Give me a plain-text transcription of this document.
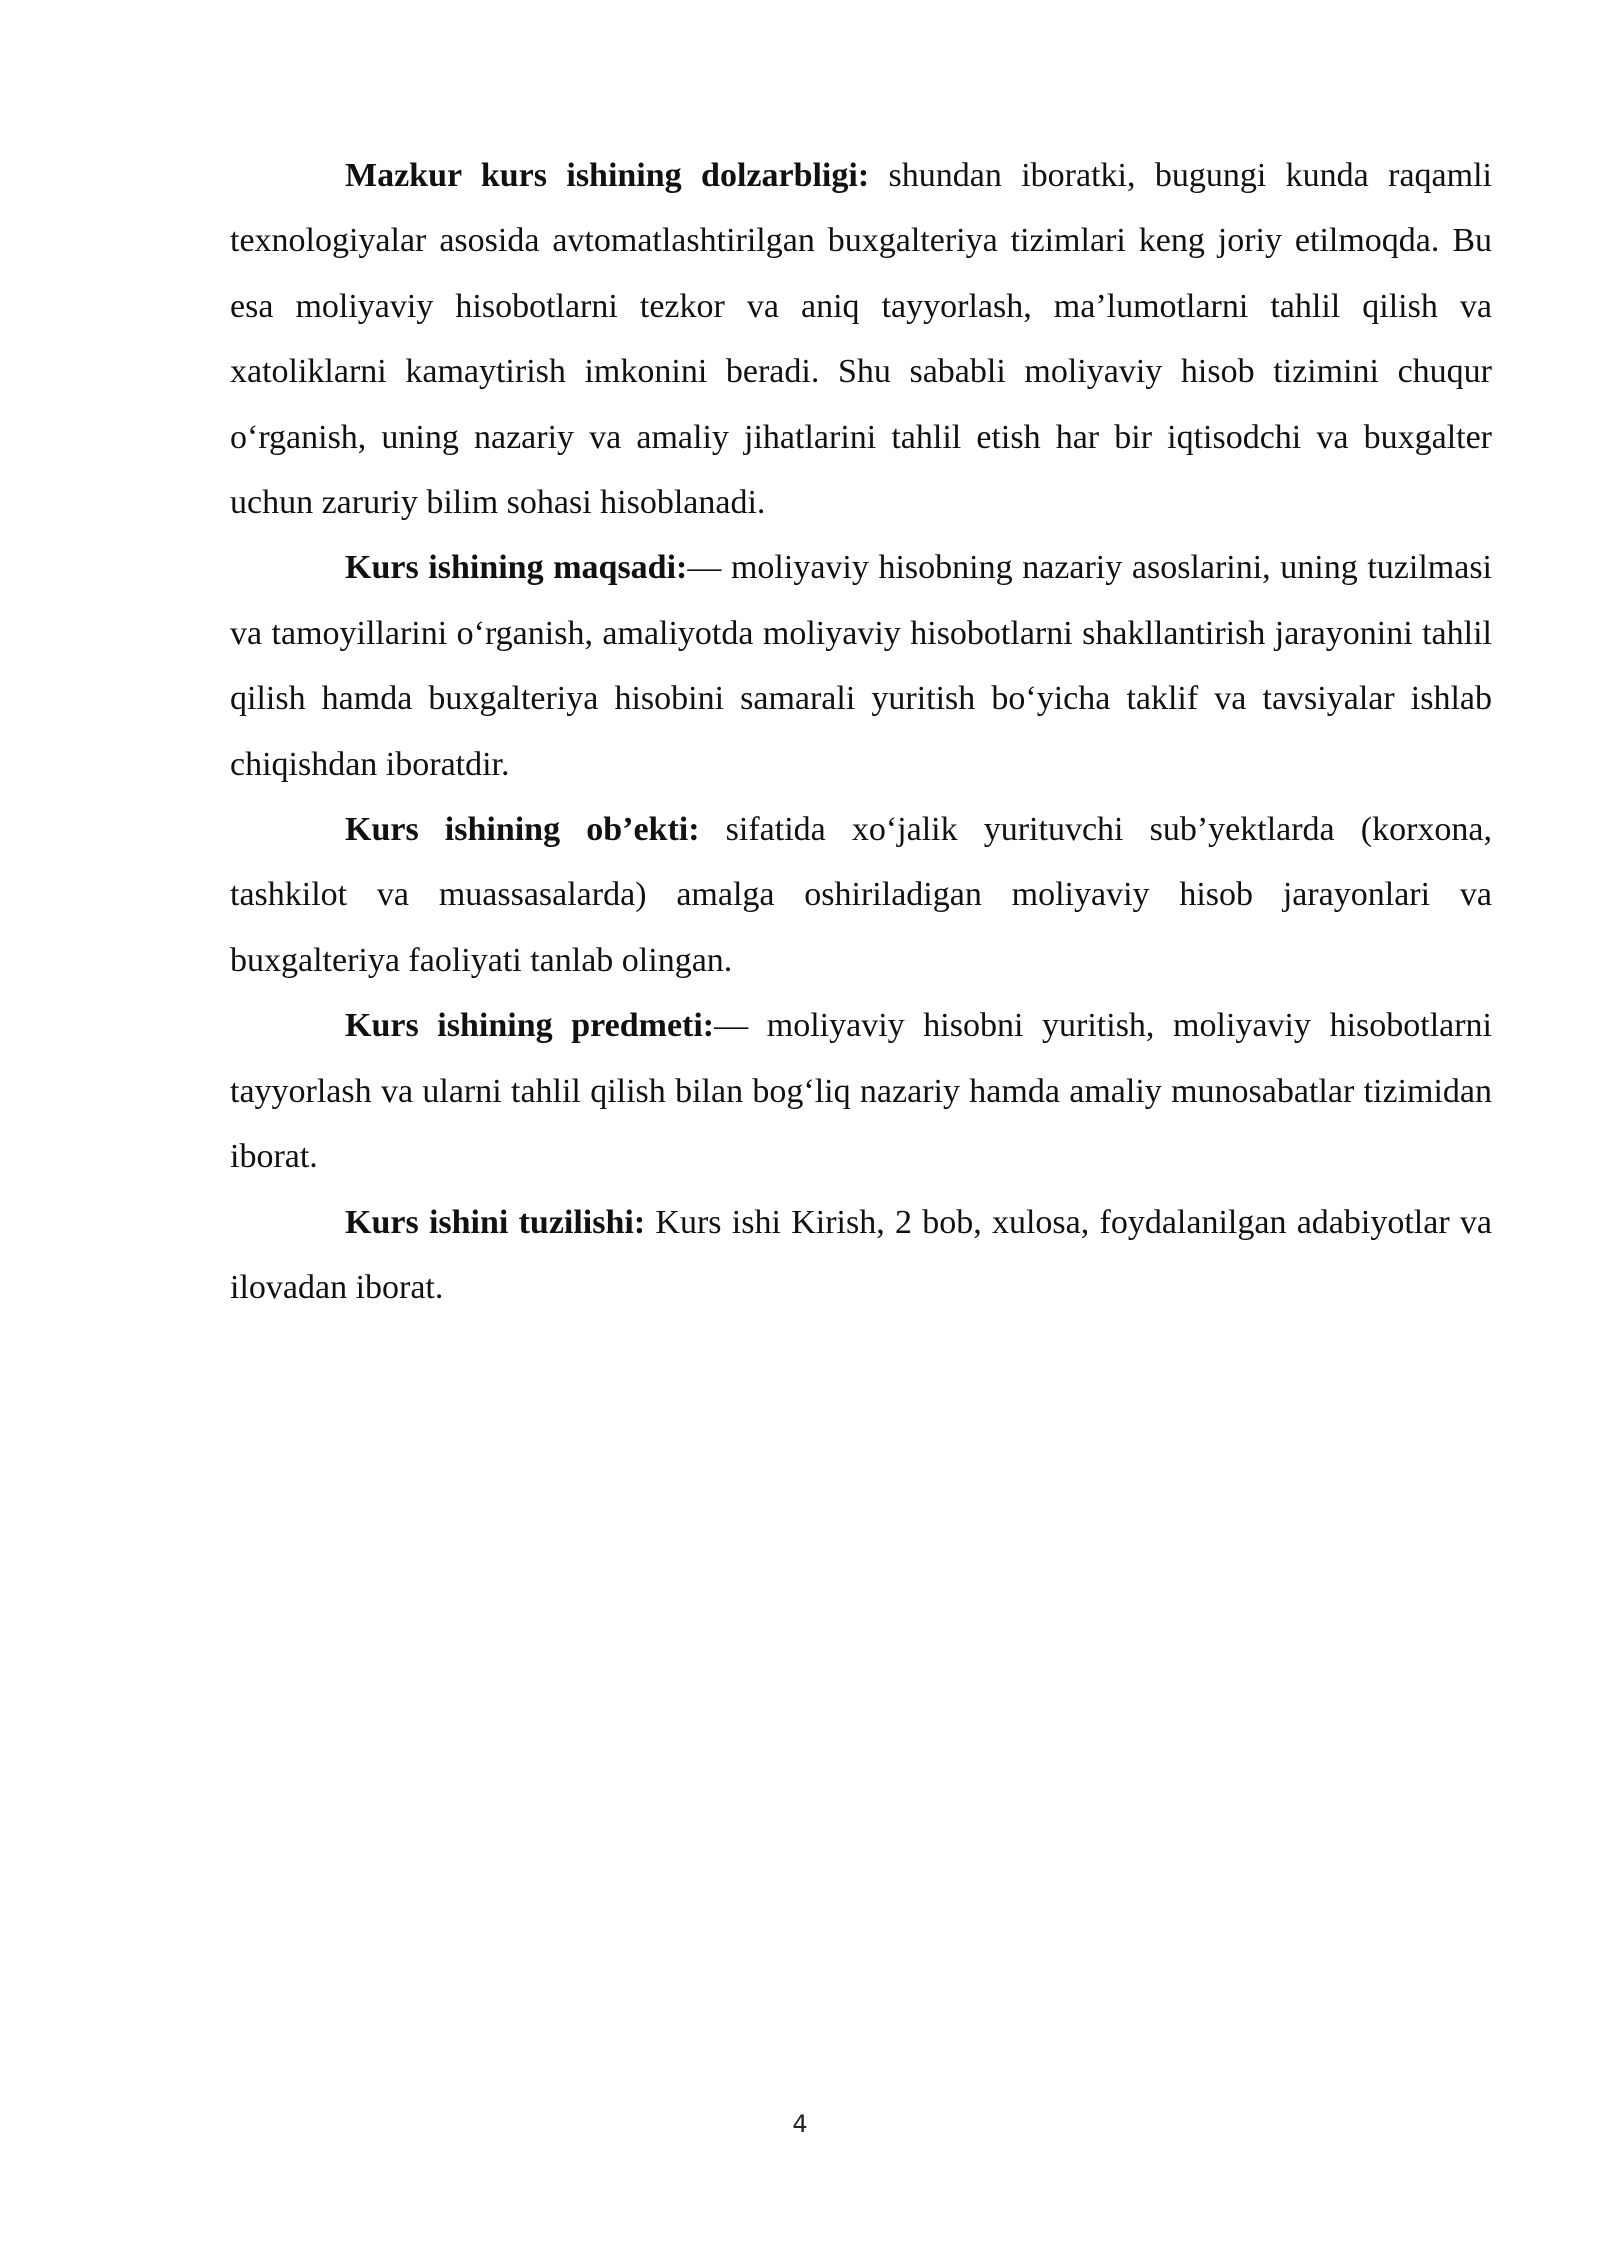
Mazkur kurs ishining dolzarbligi: shundan iboratki, bugungi kunda raqamli texnologiyalar asosida avtomatlashtirilgan buxgalteriya tizimlari keng joriy etilmoqda. Bu esa moliyaviy hisobotlarni tezkor va aniq tayyorlash, ma’lumotlarni tahlil qilish va xatoliklarni kamaytirish imkonini beradi. Shu sababli moliyaviy hisob tizimini chuqur o‘rganish, uning nazariy va amaliy jihatlarini tahlil etish har bir iqtisodchi va buxgalter uchun zaruriy bilim sohasi hisoblanadi.

Kurs ishining maqsadi:— moliyaviy hisobning nazariy asoslarini, uning tuzilmasi va tamoyillarini o‘rganish, amaliyotda moliyaviy hisobotlarni shakllantirish jarayonini tahlil qilish hamda buxgalteriya hisobini samarali yuritish bo‘yicha taklif va tavsiyalar ishlab chiqishdan iboratdir.

Kurs ishining ob’ekti: sifatida xo‘jalik yurituvchi sub’yektlarda (korxona, tashkilot va muassasalarda) amalga oshiriladigan moliyaviy hisob jarayonlari va buxgalteriya faoliyati tanlab olingan.

Kurs ishining predmeti:— moliyaviy hisobni yuritish, moliyaviy hisobotlarni tayyorlash va ularni tahlil qilish bilan bog‘liq nazariy hamda amaliy munosabatlar tizimidan iborat.

Kurs ishini tuzilishi: Kurs ishi Kirish, 2 bob, xulosa, foydalanilgan adabiyotlar va ilovadan iborat.

4
